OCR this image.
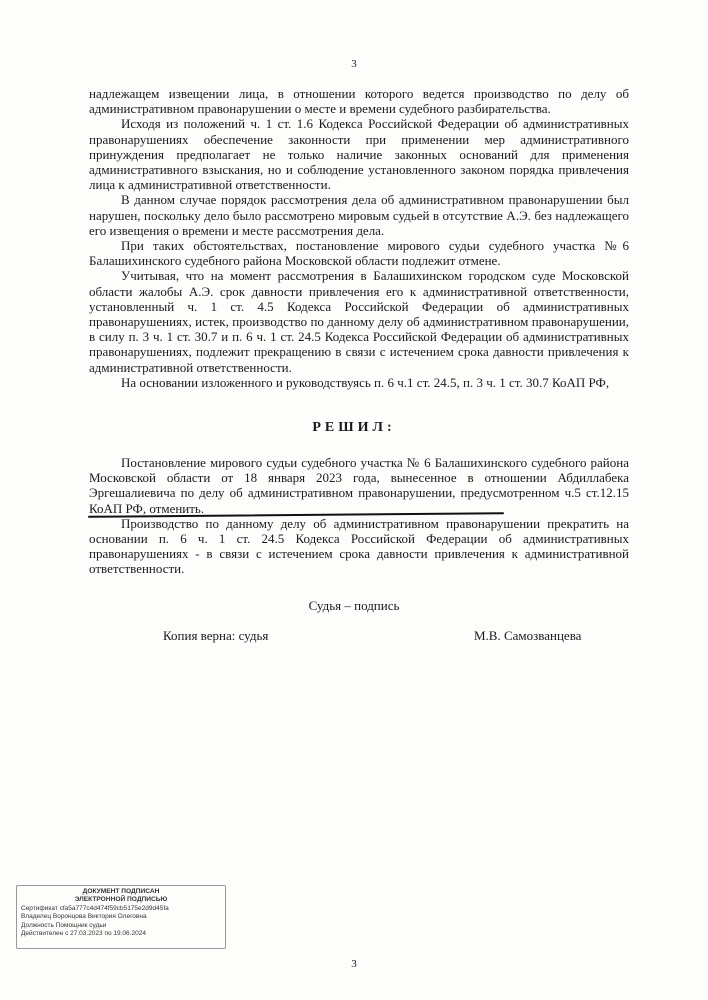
3

надлежащем извещении лица, в отношении которого ведется производство по делу об административном правонарушении о месте и времени судебного разбирательства.

Исходя из положений ч. 1 ст. 1.6 Кодекса Российской Федерации об административных правонарушениях обеспечение законности при применении мер административного принуждения предполагает не только наличие законных оснований для применения административного взыскания, но и соблюдение установленного законом порядка привлечения лица к административной ответственности.

В данном случае порядок рассмотрения дела об административном правонарушении был нарушен, поскольку дело было рассмотрено мировым судьей в отсутствие А.Э. без надлежащего его извещения о времени и месте рассмотрения дела.

При таких обстоятельствах, постановление мирового судьи судебного участка №6 Балашихинского судебного района Московской области подлежит отмене.

Учитывая, что на момент рассмотрения в Балашихинском городском суде Московской области жалобы А.Э. срок давности привлечения его к административной ответственности, установленный ч. 1 ст. 4.5 Кодекса Российской Федерации об административных правонарушениях, истек, производство по данному делу об административном правонарушении, в силу п. 3 ч. 1 ст. 30.7 и п. 6 ч. 1 ст. 24.5 Кодекса Российской Федерации об административных правонарушениях, подлежит прекращению в связи с истечением срока давности привлечения к административной ответственности.

На основании изложенного и руководствуясь п. 6 ч.1 ст. 24.5, п. 3 ч. 1 ст. 30.7 КоАП РФ,

РЕШИЛ:

Постановление мирового судьи судебного участка № 6 Балашихинского судебного района Московской области от 18 января 2023 года, вынесенное в отношении Абдиллабека Эргешалиевича по делу об административном правонарушении, предусмотренном ч.5 ст.12.15 КоАП РФ, отменить.

Производство по данному делу об административном правонарушении прекратить на основании п. 6 ч. 1 ст. 24.5 Кодекса Российской Федерации об административных правонарушениях - в связи с истечением срока давности привлечения к административной ответственности.

Судья – подпись
Копия верна: судья	М.В. Самозванцева
ДОКУМЕНТ ПОДПИСАН
ЭЛЕКТРОННОЙ ПОДПИСЬЮ
Сертификат cfa5a777c4d474f59cb5175e2d9d45fa
Владелец Воронцова Виктория Олеговна
Должность Помощник судьи
Действителен с 27.03.2023 по 19.06.2024
3
